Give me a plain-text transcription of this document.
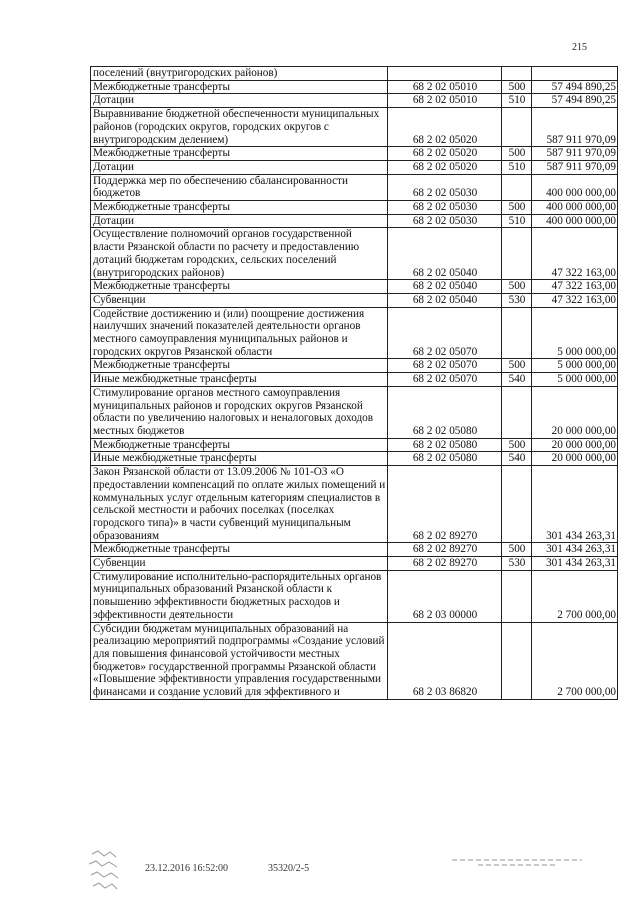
215
поселений (внутригородских районов)			
Межбюджетные трансферты	68 2 02 05010	500	57 494 890,25
Дотации	68 2 02 05010	510	57 494 890,25
Выравнивание бюджетной обеспеченности муниципальных районов (городских округов, городских округов с внутригородским делением)	68 2 02 05020		587 911 970,09
Межбюджетные трансферты	68 2 02 05020	500	587 911 970,09
Дотации	68 2 02 05020	510	587 911 970,09
Поддержка мер по обеспечению сбалансированности бюджетов	68 2 02 05030		400 000 000,00
Межбюджетные трансферты	68 2 02 05030	500	400 000 000,00
Дотации	68 2 02 05030	510	400 000 000,00
Осуществление полномочий органов государственной власти Рязанской области по расчету и предоставлению дотаций бюджетам городских, сельских поселений (внутригородских районов)	68 2 02 05040		47 322 163,00
Межбюджетные трансферты	68 2 02 05040	500	47 322 163,00
Субвенции	68 2 02 05040	530	47 322 163,00
Содействие достижению и (или) поощрение достижения наилучших значений показателей деятельности органов местного самоуправления муниципальных районов и городских округов Рязанской области	68 2 02 05070		5 000 000,00
Межбюджетные трансферты	68 2 02 05070	500	5 000 000,00
Иные межбюджетные трансферты	68 2 02 05070	540	5 000 000,00
Стимулирование органов местного самоуправления муниципальных районов и городских округов Рязанской области по увеличению налоговых и неналоговых доходов местных бюджетов	68 2 02 05080		20 000 000,00
Межбюджетные трансферты	68 2 02 05080	500	20 000 000,00
Иные межбюджетные трансферты	68 2 02 05080	540	20 000 000,00
Закон Рязанской области от 13.09.2006 № 101-ОЗ «О предоставлении компенсаций по оплате жилых помещений и коммунальных услуг отдельным категориям специалистов в сельской местности и рабочих поселках (поселках городского типа)» в части субвенций муниципальным образованиям	68 2 02 89270		301 434 263,31
Межбюджетные трансферты	68 2 02 89270	500	301 434 263,31
Субвенции	68 2 02 89270	530	301 434 263,31
Стимулирование исполнительно-распорядительных органов муниципальных образований Рязанской области к повышению эффективности бюджетных расходов и эффективности деятельности	68 2 03 00000		2 700 000,00
Субсидии бюджетам муниципальных образований на реализацию мероприятий подпрограммы «Создание условий для повышения финансовой устойчивости местных бюджетов» государственной программы Рязанской области «Повышение эффективности управления государственными финансами и создание условий для эффективного и	68 2 03 86820		2 700 000,00
23.12.2016 16:52:00	35320/2-5
